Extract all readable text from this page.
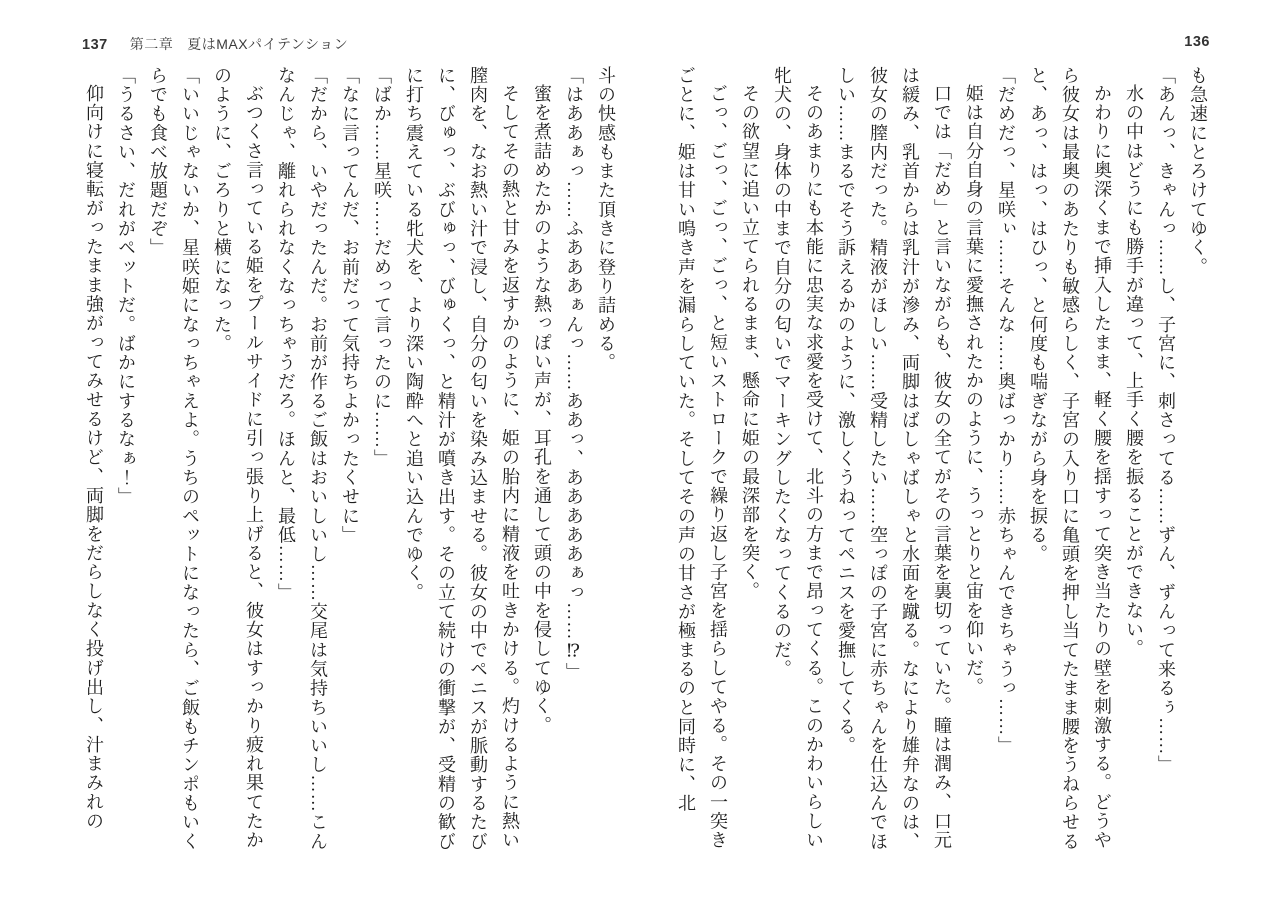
137 第二章 夏はMAXパイテンション	136

も急速にとろけてゆく。

「あんっ、きゃんっ……し、子宮に、刺さってる……ずん、ずんって来るぅ……」

水の中はどうにも勝手が違って、上手く腰を振ることができない。

かわりに奥深くまで挿入したまま、軽く腰を揺すって突き当たりの壁を刺激する。どうやら彼女は最奥のあたりも敏感らしく、子宮の入り口に亀頭を押し当てたまま腰をうねらせると、あっ、はっ、はひっ、と何度も喘ぎながら身を捩る。

「だめだっ、星咲ぃ……そんな……奥ばっかり……赤ちゃんできちゃうっ……」

姫は自分自身の言葉に愛撫されたかのように、うっとりと宙を仰いだ。

口では「だめ」と言いながらも、彼女の全てがその言葉を裏切っていた。瞳は潤み、口元は緩み、乳首からは乳汁が滲み、両脚はばしゃばしゃと水面を蹴る。なにより雄弁なのは、彼女の膣内だった。精液がほしい……受精したい……空っぽの子宮に赤ちゃんを仕込んでほしい……まるでそう訴えるかのように、激しくうねってペニスを愛撫してくる。

そのあまりにも本能に忠実な求愛を受けて、北斗の方まで昂ってくる。このかわいらしい牝犬の、身体の中まで自分の匂いでマーキングしたくなってくるのだ。

その欲望に追い立てられるまま、懸命に姫の最深部を突く。

ごっ、ごっ、ごっ、ごっ、と短いストロークで繰り返し子宮を揺らしてやる。その一突きごとに、姫は甘い鳴き声を漏らしていた。そしてその声の甘さが極まるのと同時に、北

斗の快感もまた頂きに登り詰める。

「はああぁっ……ふあああぁんっ……ああっ、あああああぁっ……⁉」

蜜を煮詰めたかのような熱っぽい声が、耳孔を通して頭の中を侵してゆく。

そしてその熱と甘みを返すかのように、姫の胎内に精液を吐きかける。灼けるように熱い膣肉を、なお熱い汁で浸し、自分の匂いを染み込ませる。彼女の中でペニスが脈動するたびに、びゅっ、ぶびゅっ、びゅくっ、と精汁が噴き出す。その立て続けの衝撃が、受精の歓びに打ち震えている牝犬を、より深い陶酔へと追い込んでゆく。

「ばか……星咲……だめって言ったのに……」

「なに言ってんだ、お前だって気持ちよかったくせに」

「だから、いやだったんだ。お前が作るご飯はおいしいし……交尾は気持ちいいし……こんなんじゃ、離れられなくなっちゃうだろ。ほんと、最低……」

ぶつくさ言っている姫をプールサイドに引っ張り上げると、彼女はすっかり疲れ果てたかのように、ごろりと横になった。

「いいじゃないか、星咲姫になっちゃえよ。うちのペットになったら、ご飯もチンポもいくらでも食べ放題だぞ」

「うるさい、だれがペットだ。ばかにするなぁ！」

仰向けに寝転がったまま強がってみせるけど、両脚をだらしなく投げ出し、汁まみれの
